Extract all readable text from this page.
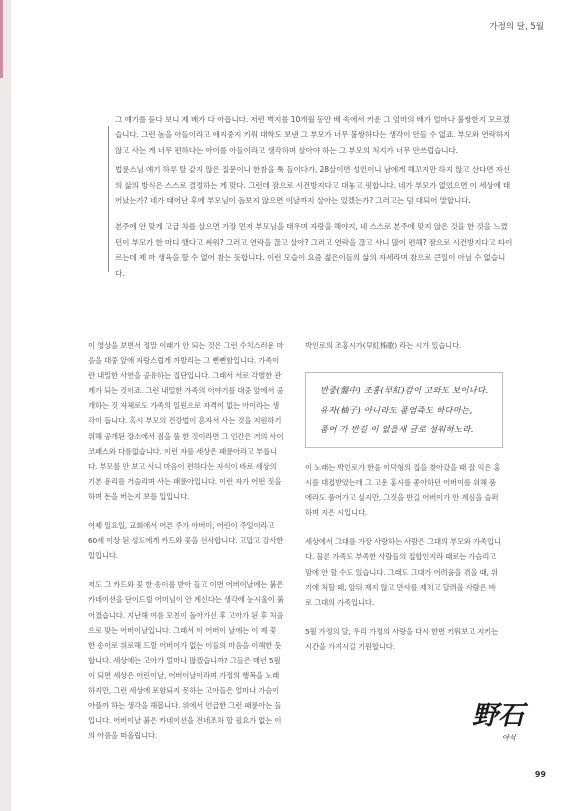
가정의 달, 5월

그 얘기를 듣다 보니 제 배가 다 아픕니다. 저런 벽지를 10개월 동안 배 속에서 키운 그 엄마의 배가 얼마나 불쌍한지 모르겠습니다. 그런 놈을 아들이라고 애지중지 키워 대학도 보낸 그 부모가 너무 불쌍하다는 생각이 안들 수 없죠. 부모와 연락하지 않고 사는 게 너무 편하다는 아이를 아들이라고 생각하며 살아야 하는 그 부모의 처지가 너무 안쓰럽습니다.

법륜스님 얘기 하루 탈 같지 않은 질문이니 한참을 툭 들이다가, 28살이면 성인이니 남에게 해꼬지만 하지 않고 산다면 자신의 삶의 방식은 스스로 결정하는 게 맞다. 그런데 잠으로 시건방지다고 대놓고 핏합니다. 네가 부모가 없었으면 이 세상에 태어났는가? 네가 태어난 후에 부모님이 돌보지 않으면 이날까지 살아는 있겠는가? 그러고는 덤 대되어 말합니다.

본주에 안 맞게 고급 차를 살으면 가장 먼저 부모님을 태우며 자랑을 해야지, 네 스스로 본주에 맞지 않은 것을 한 것을 느꼈던이 부모가 한 마디 했다고 싸워? 그러고 연락을 끊고 살아? 그러고 연락을 끊고 사니 많이 편해? 잠으로 시건방지다고 타이르는데 제 마 생육을 할 수 없어 참는 듯합니다. 이런 모습이 요즘 젊은이들의 삶의 자세라며 참으로 큰일이 아닐 수 없습니다.

이 영상을 보면서 정말 이래가 안 되는 것은 그런 수치스러운 마음을 대중 앞에 자랑스럽게 까발리는 그 뻔뻔함입니다. 가족이란 내밀한 사연을 공유하는 집단입니다. 그래서 서로 각별한 관계가 되는 것이죠. 그런 내밀한 가족의 이야기를 대중 앞에서 공개하는 것 자체로도 가족의 일원으로 자격이 없는 아이라는 생각이 듭니다. 혹시 부모의 건강법이 혼자서 사는 것을 지원하기 위해 공개된 장소에서 짐을 풀 한 것이라면 그 인간은 거의 사이코패스와 다름없습니다. 이런 자를 세상은 패륜아라고 부릅니다. 부모를 안 보고 사니 마음이 편하다는 자식이 바로 세상의 기본 윤리를 거슬리며 사는 패륜아입니다. 이런 자가 어떤 짓을 하며 돈을 버는지 보를 입입니다.

어제 일요일, 교회에서 어른 주가 아버이, 어린이 주일이라고 60세 이상 된 성도에게 카드와 꽃을 선사합니다. 고맙고 감사한 일입니다.

저도 그 카드와 꽃 한 송이를 받아 들고 이번 어버이날에는 붉은 카네이션을 단이드릴 어머님이 안 계신다는 생각에 눈시울이 붉어졌습니다. 지난해 여름 모친이 돌아가신 후 고아가 된 후 처음으로 맞는 어버이날입니다. 그래서 이 어버이 날에는 이 제 꽃 한 송이로 위로해 드릴 어버이가 없는 이들의 마음을 이해한 듯합니다. 세상에는 고아가 얼마나 많겠습니까? 그들은 매년 5월이 되면 세상은 어린이날, 어버이날이라며 가정의 행복을 노래하지만, 그런 세상에 포함되지 못하는 고아들은 얼마나 가슴이 아플까 하는 생각을 해봅니다. 위에서 언급한 그런 패륜아는 들입니다. 어버이날 붉은 카네이션을 전네조차 할 필요가 없는 이의 아픔을 떠올립니다.

박인로의 조홍시가(早紅柹歌) 라는 시가 있습니다.

반중(盤中) 조홍(早紅)감이 고와도 보이나다.
유자(柚子) 아니라도 품엄즉도 하다마는,
품어 가 반길 이 없을새 글로 설워하노라.

이 노래는 박인로가 한음 이덕형의 집을 찾아갔을 때 잘 익은 홍시를 대접받았는데 그 고운 홍시를 좋아하던 어버이를 위해 품에라도 품어가고 싶지만, 그것을 반길 어버이가 안 계심을 슬퍼하며 지은 시입니다.

세상에서 그대를 가장 사랑하는 사람은 그대의 부모와 가족입니다. 물론 가족도 부족한 사람들의 집합인지라 때로는 가슴리고 맘에 안 할 수도 있습니다. 그래도 그대가 어려움을 겪을 때, 위기에 처할 때, 앞뒤 재지 않고 만사를 제치고 달려올 사람은 바로 그대의 가족입니다.

5월 가정의 달, 우리 가정의 사랑을 다시 한번 키워보고 지키는 시간을 가지시길 기원합니다.

野石
야석
99
